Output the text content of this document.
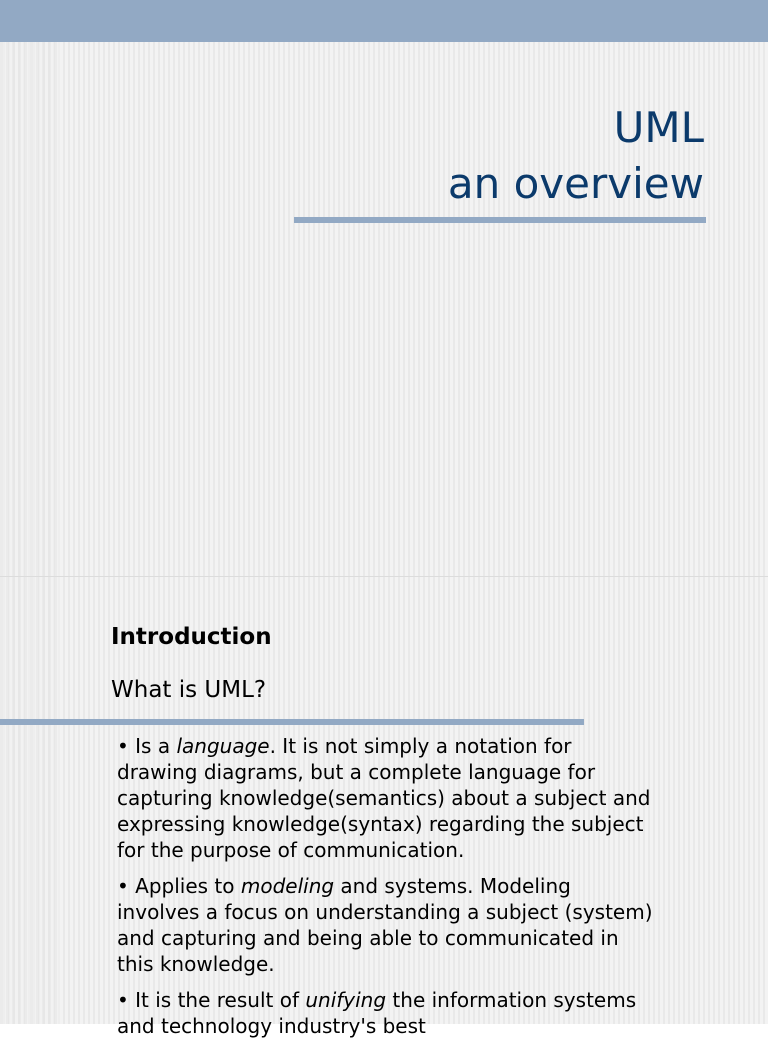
UML
an overview
Introduction
What is UML?
• Is a language. It is not simply a notation for drawing diagrams, but a complete language for capturing knowledge(semantics) about a subject and expressing knowledge(syntax) regarding the subject for the purpose of communication.
• Applies to modeling and systems. Modeling involves a focus on understanding a subject (system) and capturing and being able to communicated in this knowledge.
• It is the result of unifying the information systems and technology industry's best
